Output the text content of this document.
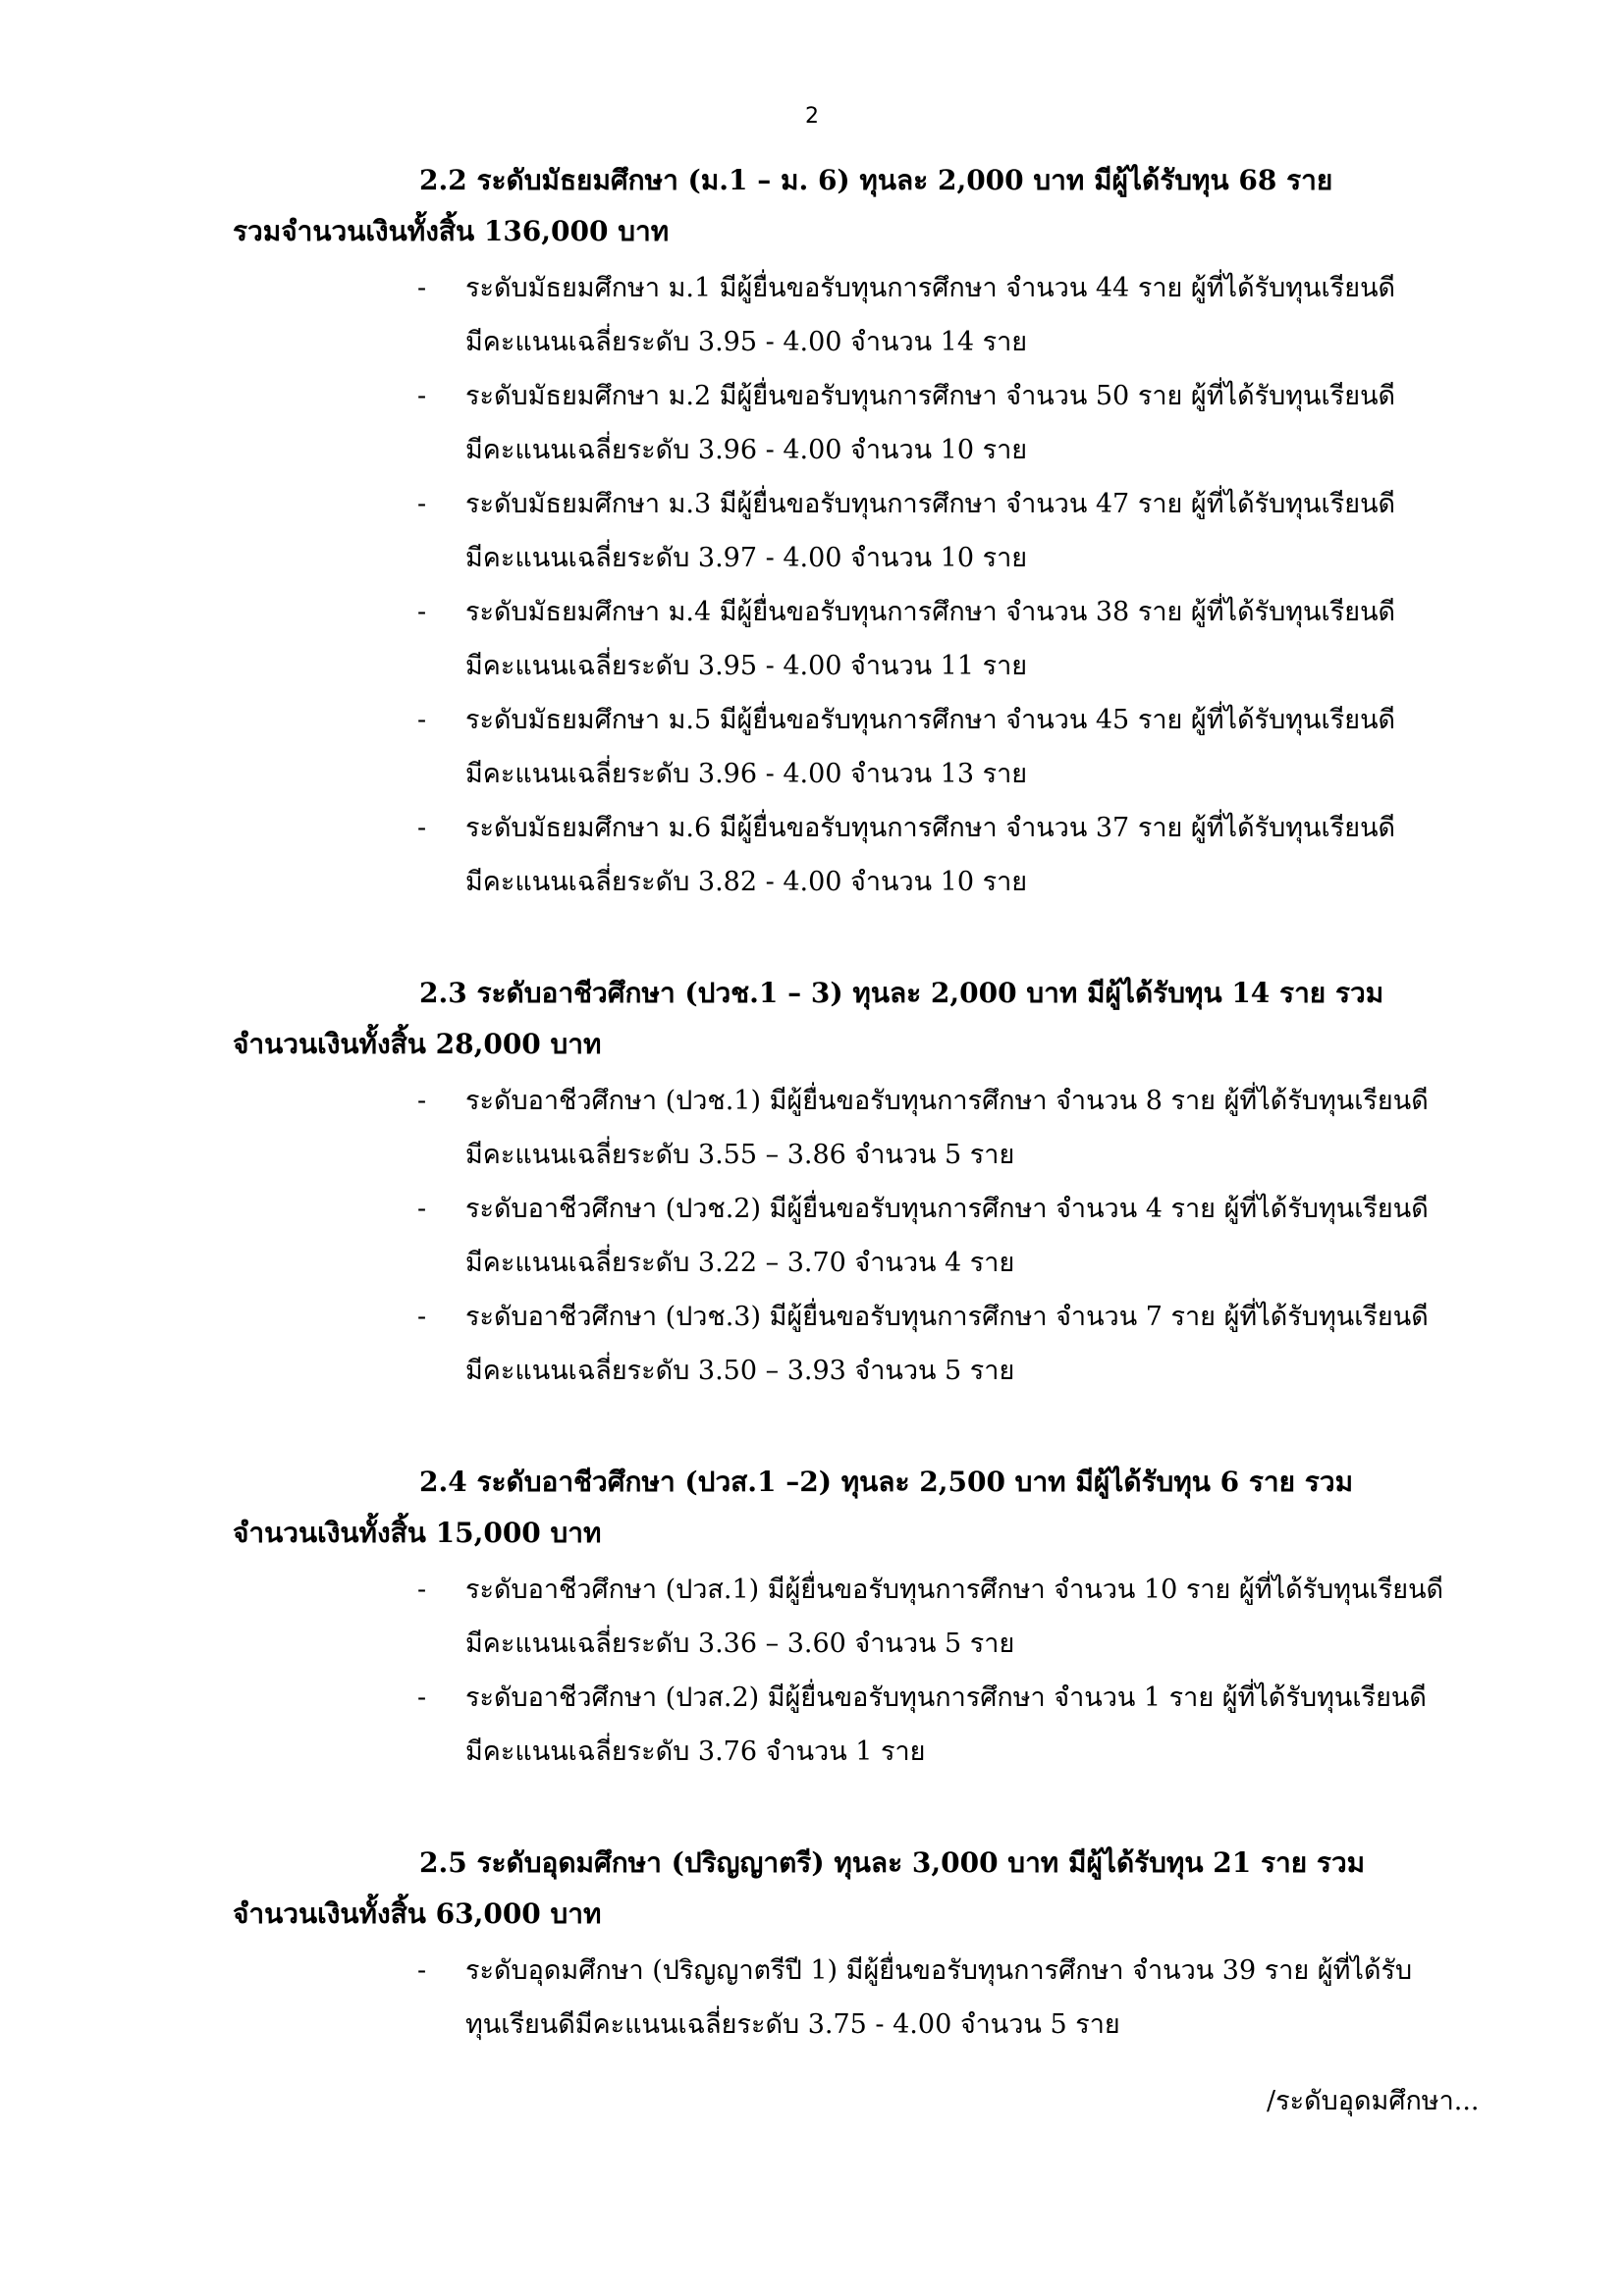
2

2.2 ระดับมัธยมศึกษา (ม.1 – ม. 6) ทุนละ 2,000 บาท มีผู้ได้รับทุน 68 ราย

รวมจำนวนเงินทั้งสิ้น 136,000 บาท

- ระดับมัธยมศึกษา ม.1 มีผู้ยื่นขอรับทุนการศึกษา จำนวน 44 ราย ผู้ที่ได้รับทุนเรียนดี
มีคะแนนเฉลี่ยระดับ 3.95 - 4.00 จำนวน 14 ราย
- ระดับมัธยมศึกษา ม.2 มีผู้ยื่นขอรับทุนการศึกษา จำนวน 50 ราย ผู้ที่ได้รับทุนเรียนดี
มีคะแนนเฉลี่ยระดับ 3.96 - 4.00 จำนวน 10 ราย
- ระดับมัธยมศึกษา ม.3 มีผู้ยื่นขอรับทุนการศึกษา จำนวน 47 ราย ผู้ที่ได้รับทุนเรียนดี
มีคะแนนเฉลี่ยระดับ 3.97 - 4.00 จำนวน 10 ราย
- ระดับมัธยมศึกษา ม.4 มีผู้ยื่นขอรับทุนการศึกษา จำนวน 38 ราย ผู้ที่ได้รับทุนเรียนดี
มีคะแนนเฉลี่ยระดับ 3.95 - 4.00 จำนวน 11 ราย
- ระดับมัธยมศึกษา ม.5 มีผู้ยื่นขอรับทุนการศึกษา จำนวน 45 ราย ผู้ที่ได้รับทุนเรียนดี
มีคะแนนเฉลี่ยระดับ 3.96 - 4.00 จำนวน 13 ราย
- ระดับมัธยมศึกษา ม.6 มีผู้ยื่นขอรับทุนการศึกษา จำนวน 37 ราย ผู้ที่ได้รับทุนเรียนดี
มีคะแนนเฉลี่ยระดับ 3.82 - 4.00 จำนวน 10 ราย

2.3 ระดับอาชีวศึกษา (ปวช.1 – 3) ทุนละ 2,000 บาท มีผู้ได้รับทุน 14 ราย รวม

จำนวนเงินทั้งสิ้น 28,000 บาท

- ระดับอาชีวศึกษา (ปวช.1) มีผู้ยื่นขอรับทุนการศึกษา จำนวน 8 ราย ผู้ที่ได้รับทุนเรียนดี
มีคะแนนเฉลี่ยระดับ 3.55 – 3.86 จำนวน 5 ราย
- ระดับอาชีวศึกษา (ปวช.2) มีผู้ยื่นขอรับทุนการศึกษา จำนวน 4 ราย ผู้ที่ได้รับทุนเรียนดี
มีคะแนนเฉลี่ยระดับ 3.22 – 3.70 จำนวน 4 ราย
- ระดับอาชีวศึกษา (ปวช.3) มีผู้ยื่นขอรับทุนการศึกษา จำนวน 7 ราย ผู้ที่ได้รับทุนเรียนดี
มีคะแนนเฉลี่ยระดับ 3.50 – 3.93 จำนวน 5 ราย

2.4 ระดับอาชีวศึกษา (ปวส.1 –2) ทุนละ 2,500 บาท มีผู้ได้รับทุน 6 ราย รวม

จำนวนเงินทั้งสิ้น 15,000 บาท

- ระดับอาชีวศึกษา (ปวส.1) มีผู้ยื่นขอรับทุนการศึกษา จำนวน 10 ราย ผู้ที่ได้รับทุนเรียนดี
มีคะแนนเฉลี่ยระดับ 3.36 – 3.60 จำนวน 5 ราย
- ระดับอาชีวศึกษา (ปวส.2) มีผู้ยื่นขอรับทุนการศึกษา จำนวน 1 ราย ผู้ที่ได้รับทุนเรียนดี
มีคะแนนเฉลี่ยระดับ 3.76 จำนวน 1 ราย

2.5 ระดับอุดมศึกษา (ปริญญาตรี) ทุนละ 3,000 บาท มีผู้ได้รับทุน 21 ราย รวม

จำนวนเงินทั้งสิ้น 63,000 บาท

- ระดับอุดมศึกษา (ปริญญาตรีปี 1) มีผู้ยื่นขอรับทุนการศึกษา จำนวน 39 ราย ผู้ที่ได้รับ
ทุนเรียนดีมีคะแนนเฉลี่ยระดับ 3.75 - 4.00 จำนวน 5 ราย
/ระดับอุดมศึกษา...
